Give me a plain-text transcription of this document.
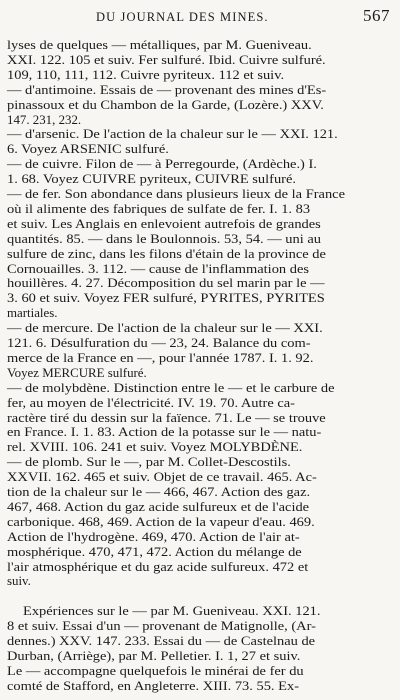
DU JOURNAL DES MINES.	567
lyses de quelques — métalliques, par M. Gueniveau.
XXI. 122. 105 et suiv. Fer sulfuré. Ibid. Cuivre sulfuré.
109, 110, 111, 112. Cuivre pyriteux. 112 et suiv.
— d'antimoine. Essais de — provenant des mines d'Es-
pinassoux et du Chambon de la Garde, (Lozère.) XXV.
147. 231, 232.
— d'arsenic. De l'action de la chaleur sur le — XXI. 121.
6. Voyez ARSENIC sulfuré.
— de cuivre. Filon de — à Perregourde, (Ardèche.) I.
1. 68. Voyez CUIVRE pyriteux, CUIVRE sulfuré.
— de fer. Son abondance dans plusieurs lieux de la France
où il alimente des fabriques de sulfate de fer. I. 1. 83
et suiv. Les Anglais en enlevoient autrefois de grandes
quantités. 85. — dans le Boulonnois. 53, 54. — uni au
sulfure de zinc, dans les filons d'étain de la province de
Cornouailles. 3. 112. — cause de l'inflammation des
houillères. 4. 27. Décomposition du sel marin par le —
3. 60 et suiv. Voyez FER sulfuré, PYRITES, PYRITES
martiales.
— de mercure. De l'action de la chaleur sur le — XXI.
121. 6. Désulfuration du — 23, 24. Balance du com-
merce de la France en —, pour l'année 1787. I. 1. 92.
Voyez MERCURE sulfuré.
— de molybdène. Distinction entre le — et le carbure de
fer, au moyen de l'électricité. IV. 19. 70. Autre ca-
ractère tiré du dessin sur la faïence. 71. Le — se trouve
en France. I. 1. 83. Action de la potasse sur le — natu-
rel. XVIII. 106. 241 et suiv. Voyez MOLYBDÈNE.
— de plomb. Sur le —, par M. Collet-Descostils.
XXVII. 162. 465 et suiv. Objet de ce travail. 465. Ac-
tion de la chaleur sur le — 466, 467. Action des gaz.
467, 468. Action du gaz acide sulfureux et de l'acide
carbonique. 468, 469. Action de la vapeur d'eau. 469.
Action de l'hydrogène. 469, 470. Action de l'air at-
mosphérique. 470, 471, 472. Action du mélange de
l'air atmosphérique et du gaz acide sulfureux. 472 et
suiv.
Expériences sur le — par M. Gueniveau. XXI. 121.
8 et suiv. Essai d'un — provenant de Matignolle, (Ar-
dennes.) XXV. 147. 233. Essai du — de Castelnau de
Durban, (Arriège), par M. Pelletier. I. 1, 27 et suiv.
Le — accompagne quelquefois le minérai de fer du
comté de Stafford, en Angleterre. XIII. 73. 55. Ex-
